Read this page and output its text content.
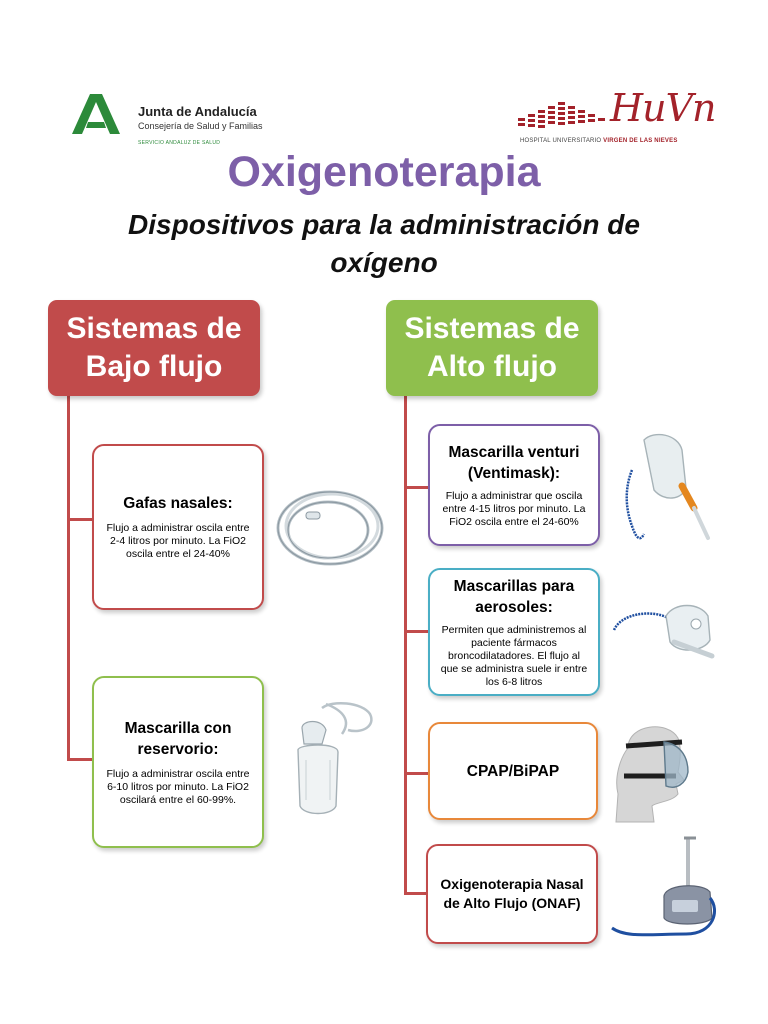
Junta de Andalucía
Consejería de Salud y Familias
SERVICIO ANDALUZ DE SALUD
HuVn
HOSPITAL UNIVERSITARIO VIRGEN DE LAS NIEVES
Oxigenoterapia
Dispositivos para la administración de oxígeno
Sistemas de Bajo flujo
Sistemas de Alto flujo
Gafas nasales:
Flujo a administrar oscila entre 2-4 litros por minuto. La FiO2 oscila entre el 24-40%
Mascarilla con reservorio:
Flujo a administrar oscila entre 6-10 litros por minuto. La FiO2 oscilará entre el 60-99%.
Mascarilla venturi (Ventimask):
Flujo a administrar que oscila entre 4-15 litros por minuto. La FiO2 oscila entre el 24-60%
Mascarillas para aerosoles:
Permiten que administremos al paciente fármacos broncodilatadores. El flujo al que se administra suele ir entre los 6-8 litros
CPAP/BiPAP
Oxigenoterapia Nasal de Alto Flujo (ONAF)
